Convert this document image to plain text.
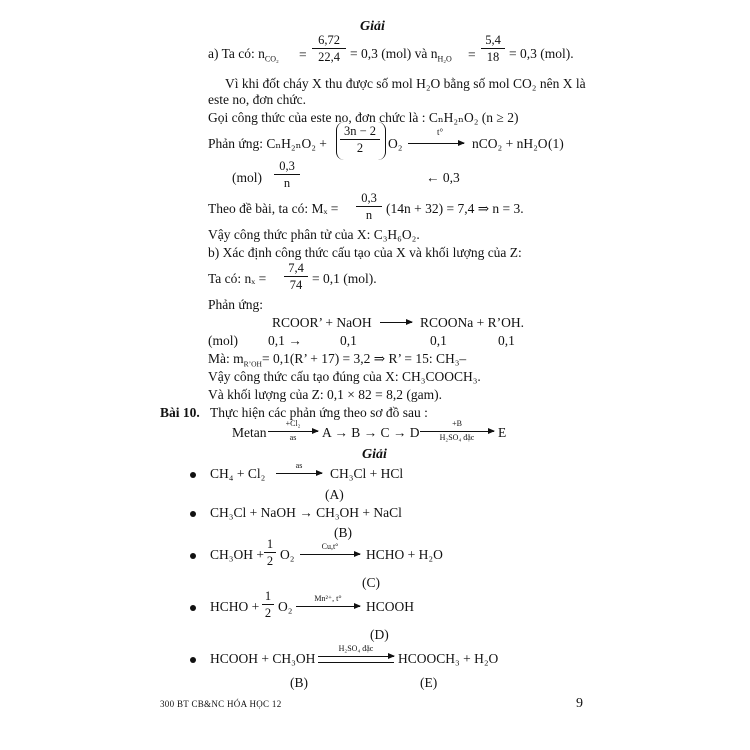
Giải
a) Ta có: $n_{CO_2} = \frac{6,72}{22,4} = 0,3$ (mol) và $n_{H_2O} = \frac{5,4}{18} = 0,3$ (mol).
Vì khi đốt cháy X thu được số mol H₂O bằng số mol CO₂ nên X là
este no, đơn chức.
Gọi công thức của este no, đơn chức là : CₙH₂ₙO₂ (n ≥ 2)
Phản ứng: $C_nH_{2n}O_2 + \frac{3n - 2}{2} O_2$
t°
→ nCO₂ + nH₂O (1)
$(mol) \frac{0,3}{n}$	← 0,3
Theo đề bài, ta có: $M_x = \frac{0,3}{n} (14n + 32) = 7,4$ ⇒ n = 3.
Vậy công thức phân tử của X: C₃H₆O₂.
b) Xác định công thức cấu tạo của X và khối lượng của Z:
Ta có: $n_x = \frac{7,4}{74} = 0,1$ (mol).
Phản ứng:
RCOOR’ + NaOH → RCOONa + R’OH.
(mol) 0,1 →	0,1	0,1	0,1
Mà: $m_{R’OH}= 0,1(R$’ + 17) = 3,2 ⇒ R’ = 15: CH₃–
Vậy công thức cấu tạo đúng của X: CH₃COOCH₃.
Và khối lượng của Z: 0,1 × 82 = 8,2 (gam).
Bài 10. Thực hiện các phản ứng theo sơ đồ sau :
Metan
+Cl₂
as	A → B → C → D
+B
H₂SO₄ đặc	E
Giải
CH₄ + Cl₂
as
CH₃Cl + HCl
(A)
CH₃Cl + NaOH → CH₃OH + NaCl
(B)
$CH_3OH + \frac{1}{2} O_2$
Cu,t°
HCHO + H₂O
(C)
HCHO + $\frac{1}{2} O_2$
Mn²⁺, t°
HCOOH
(D)
HCOOH + CH₃OH
H₂SO₄ đặc
HCOOCH₃ + H₂O
(B)	(E)
300 BT CB&NC HÓA HỌC 12	9
